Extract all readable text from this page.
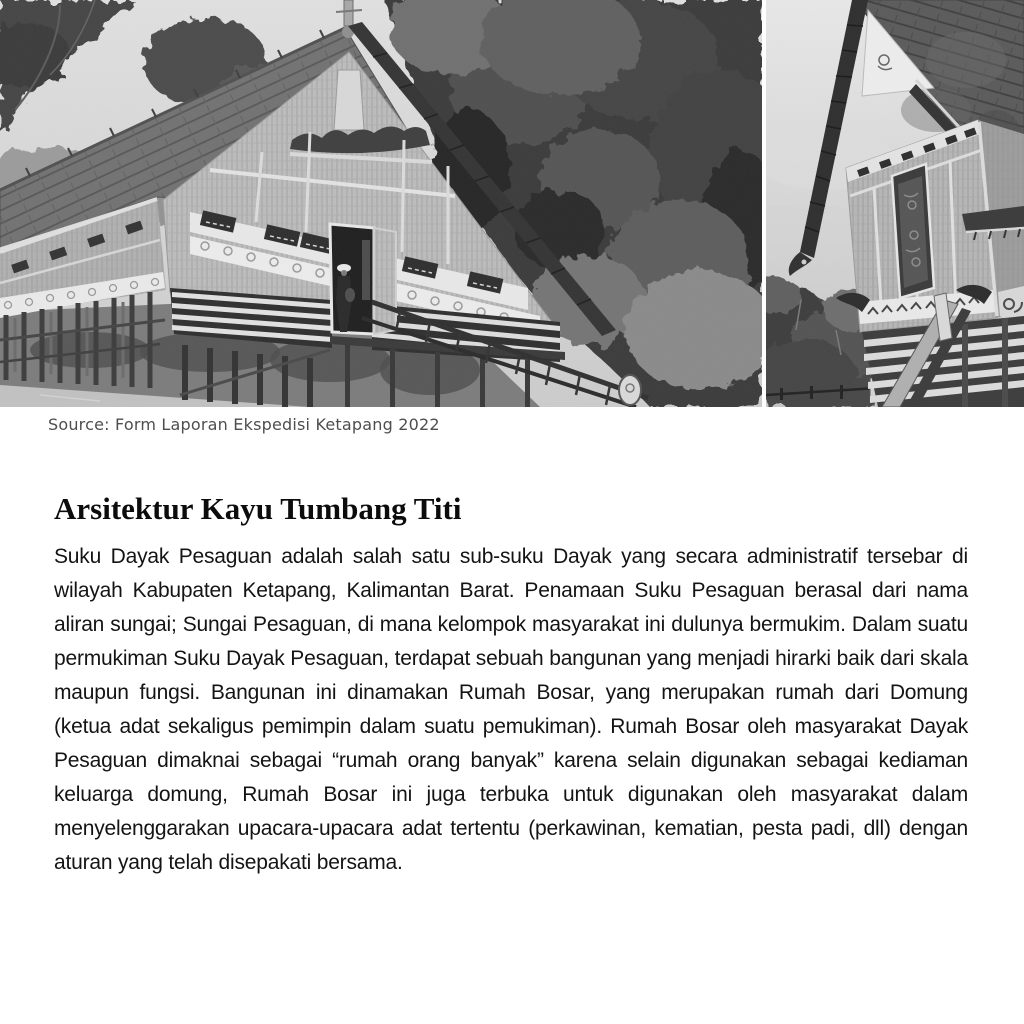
Source: Form Laporan Ekspedisi Ketapang 2022
Arsitektur Kayu Tumbang Titi

Suku Dayak Pesaguan adalah salah satu sub-suku Dayak yang secara administratif tersebar di wilayah Kabupaten Ketapang, Kalimantan Barat. Penamaan Suku Pesaguan berasal dari nama aliran sungai; Sungai Pesaguan, di mana kelompok masyarakat ini dulunya bermukim. Dalam suatu permukiman Suku Dayak Pesaguan, terdapat sebuah bangunan yang menjadi hirarki baik dari skala maupun fungsi. Bangunan ini dinamakan Rumah Bosar, yang merupakan rumah dari Domung (ketua adat sekaligus pemimpin dalam suatu pemukiman). Rumah Bosar oleh masyarakat Dayak Pesaguan dimaknai sebagai “rumah orang banyak” karena selain digunakan sebagai kediaman keluarga domung, Rumah Bosar ini juga terbuka untuk digunakan oleh masyarakat dalam menyelenggarakan upacara-upacara adat tertentu (perkawinan, kematian, pesta padi, dll) dengan aturan yang telah disepakati bersama.
